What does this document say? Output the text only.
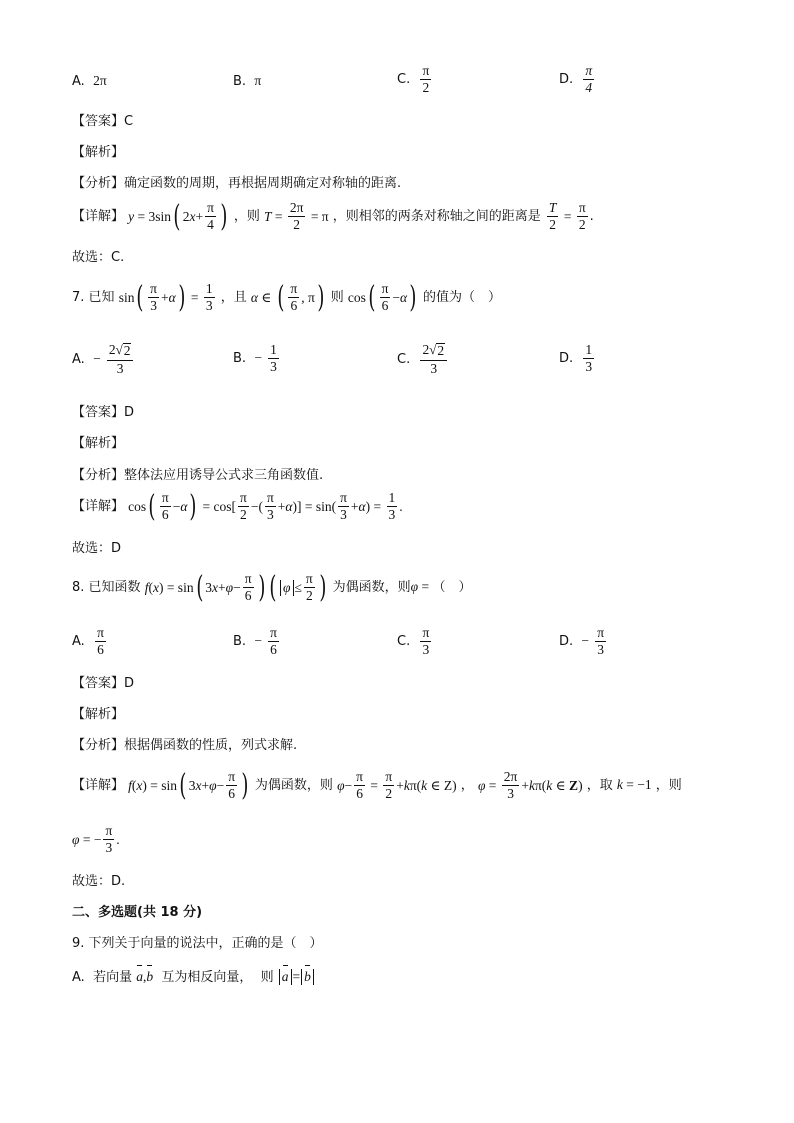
A. 2π	B. π	C. $\frac{\pi}{2}$	D. $\frac{\pi}{4}$
【答案】C
【解析】
【分析】确定函数的周期，再根据周期确定对称轴的距离.
【详解】 y = 3sin ( 2 $x + \frac{\pi}{4}$ ) ，则 $T = \frac{2\pi}{2} = \pi$ ，则相邻的两条对称轴之间的距离是 $\frac{T}{2} = \frac{\pi}{2}$ .
故选：C.
7. 已知 sin ( $\frac{\pi}{3} + \alpha$ ) = $\frac{1}{3}$ ，且 α ∈ ( $\frac{\pi}{6}$ , π ) 则 cos ( $\frac{\pi}{6} - \alpha$ ) 的值为（　）
A. − $\frac{2 √ 2}{3}$	B. − $\frac{1}{3}$	C. $\frac{2 √ 2}{3}$	D. $\frac{1}{3}$
【答案】D
【解析】
【分析】整体法应用诱导公式求三角函数值.
【详解】 cos ( $\frac{\pi}{6} - \alpha$ ) = $\cos[ \frac{\pi}{2}$ −( $\frac{\pi}{3} + \alpha$ )] = $\sin( \frac{\pi}{3} + \alpha$ ) = $\frac{1}{3}$ .
故选：D
8. 已知函数 f ( x ) = sin ( 3 $x + \varphi - \frac{\pi}{6}$ ) ( $\varphi \le \frac{\pi}{2}$ ) 为偶函数，则φ = （　）
A. $\frac{\pi}{6}$	B. − $\frac{\pi}{6}$	C. $\frac{\pi}{3}$	D. − $\frac{\pi}{3}$
【答案】D
【解析】
【分析】根据偶函数的性质，列式求解.
【详解】 f ( x ) = sin ( 3 $x + \varphi - \frac{\pi}{6}$ ) 为偶函数，则 $\varphi - \frac{\pi}{6} = \frac{\pi}{2} + k$ π( k ∈ Z) ， $\varphi = \frac{2\pi}{3} + k$ π( k ∈ Z ) ，取 k = −1 ，则
φ = − $\frac{\pi}{3}$ .
故选：D.
二、多选题(共 18 分)
9. 下列关于向量的说法中，正确的是（　）
A. 若向量 a,b 互为相反向量， 则 a = b
